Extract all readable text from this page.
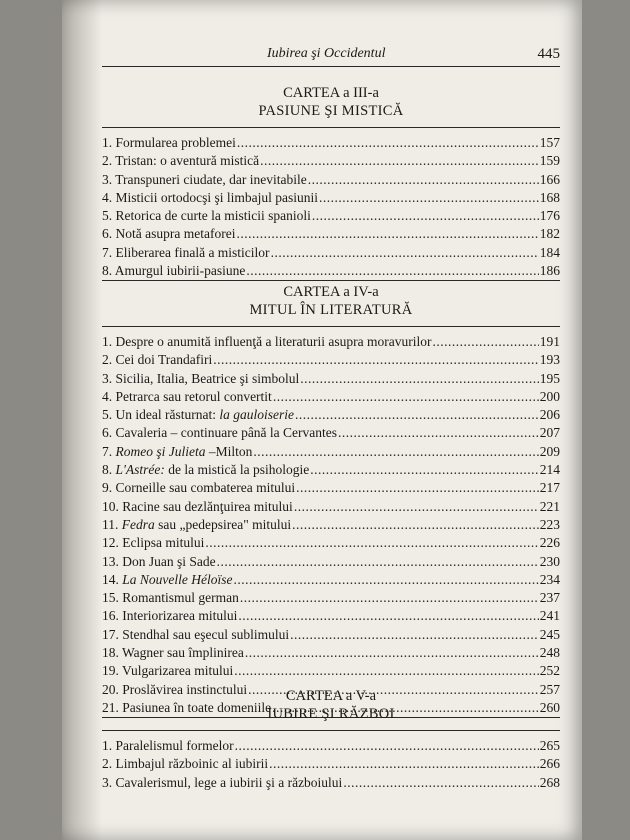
Iubirea şi Occidentul	445
CARTEA a III-a
PASIUNE ŞI MISTICĂ
1. Formularea problemei .....	157
2. Tristan: o aventură mistică .....	159
3. Transpuneri ciudate, dar inevitabile .....	166
4. Misticii ortodocşi şi limbajul pasiunii .....	168
5. Retorica de curte la misticii spanioli .....	176
6. Notă asupra metaforei .....	182
7. Eliberarea finală a misticilor .....	184
8. Amurgul iubirii-pasiune .....	186
CARTEA a IV-a
MITUL ÎN LITERATURĂ
1. Despre o anumită influenţă a literaturii asupra moravurilor .....	191
2. Cei doi Trandafiri .....	193
3. Sicilia, Italia, Beatrice şi simbolul .....	195
4. Petrarca sau retorul convertit .....	200
5. Un ideal răsturnat: la gauloiserie .....	206
6. Cavaleria – continuare până la Cervantes .....	207
7. Romeo şi Julieta –Milton .....	209
8. L'Astrée: de la mistică la psihologie .....	214
9. Corneille sau combaterea mitului .....	217
10. Racine sau dezlănţuirea mitului .....	221
11. Fedra sau „pedepsirea" mitului .....	223
12. Eclipsa mitului .....	226
13. Don Juan şi Sade .....	230
14. La Nouvelle Héloïse .....	234
15. Romantismul german .....	237
16. Interiorizarea mitului .....	241
17. Stendhal sau eşecul sublimului .....	245
18. Wagner sau împlinirea .....	248
19. Vulgarizarea mitului .....	252
20. Proslăvirea instinctului .....	257
21. Pasiunea în toate domeniile .....	260
CARTEA a V-a
IUBIRE ŞI RĂZBOI
1. Paralelismul formelor .....	265
2. Limbajul războinic al iubirii .....	266
3. Cavalerismul, lege a iubirii şi a războiului .....	268
